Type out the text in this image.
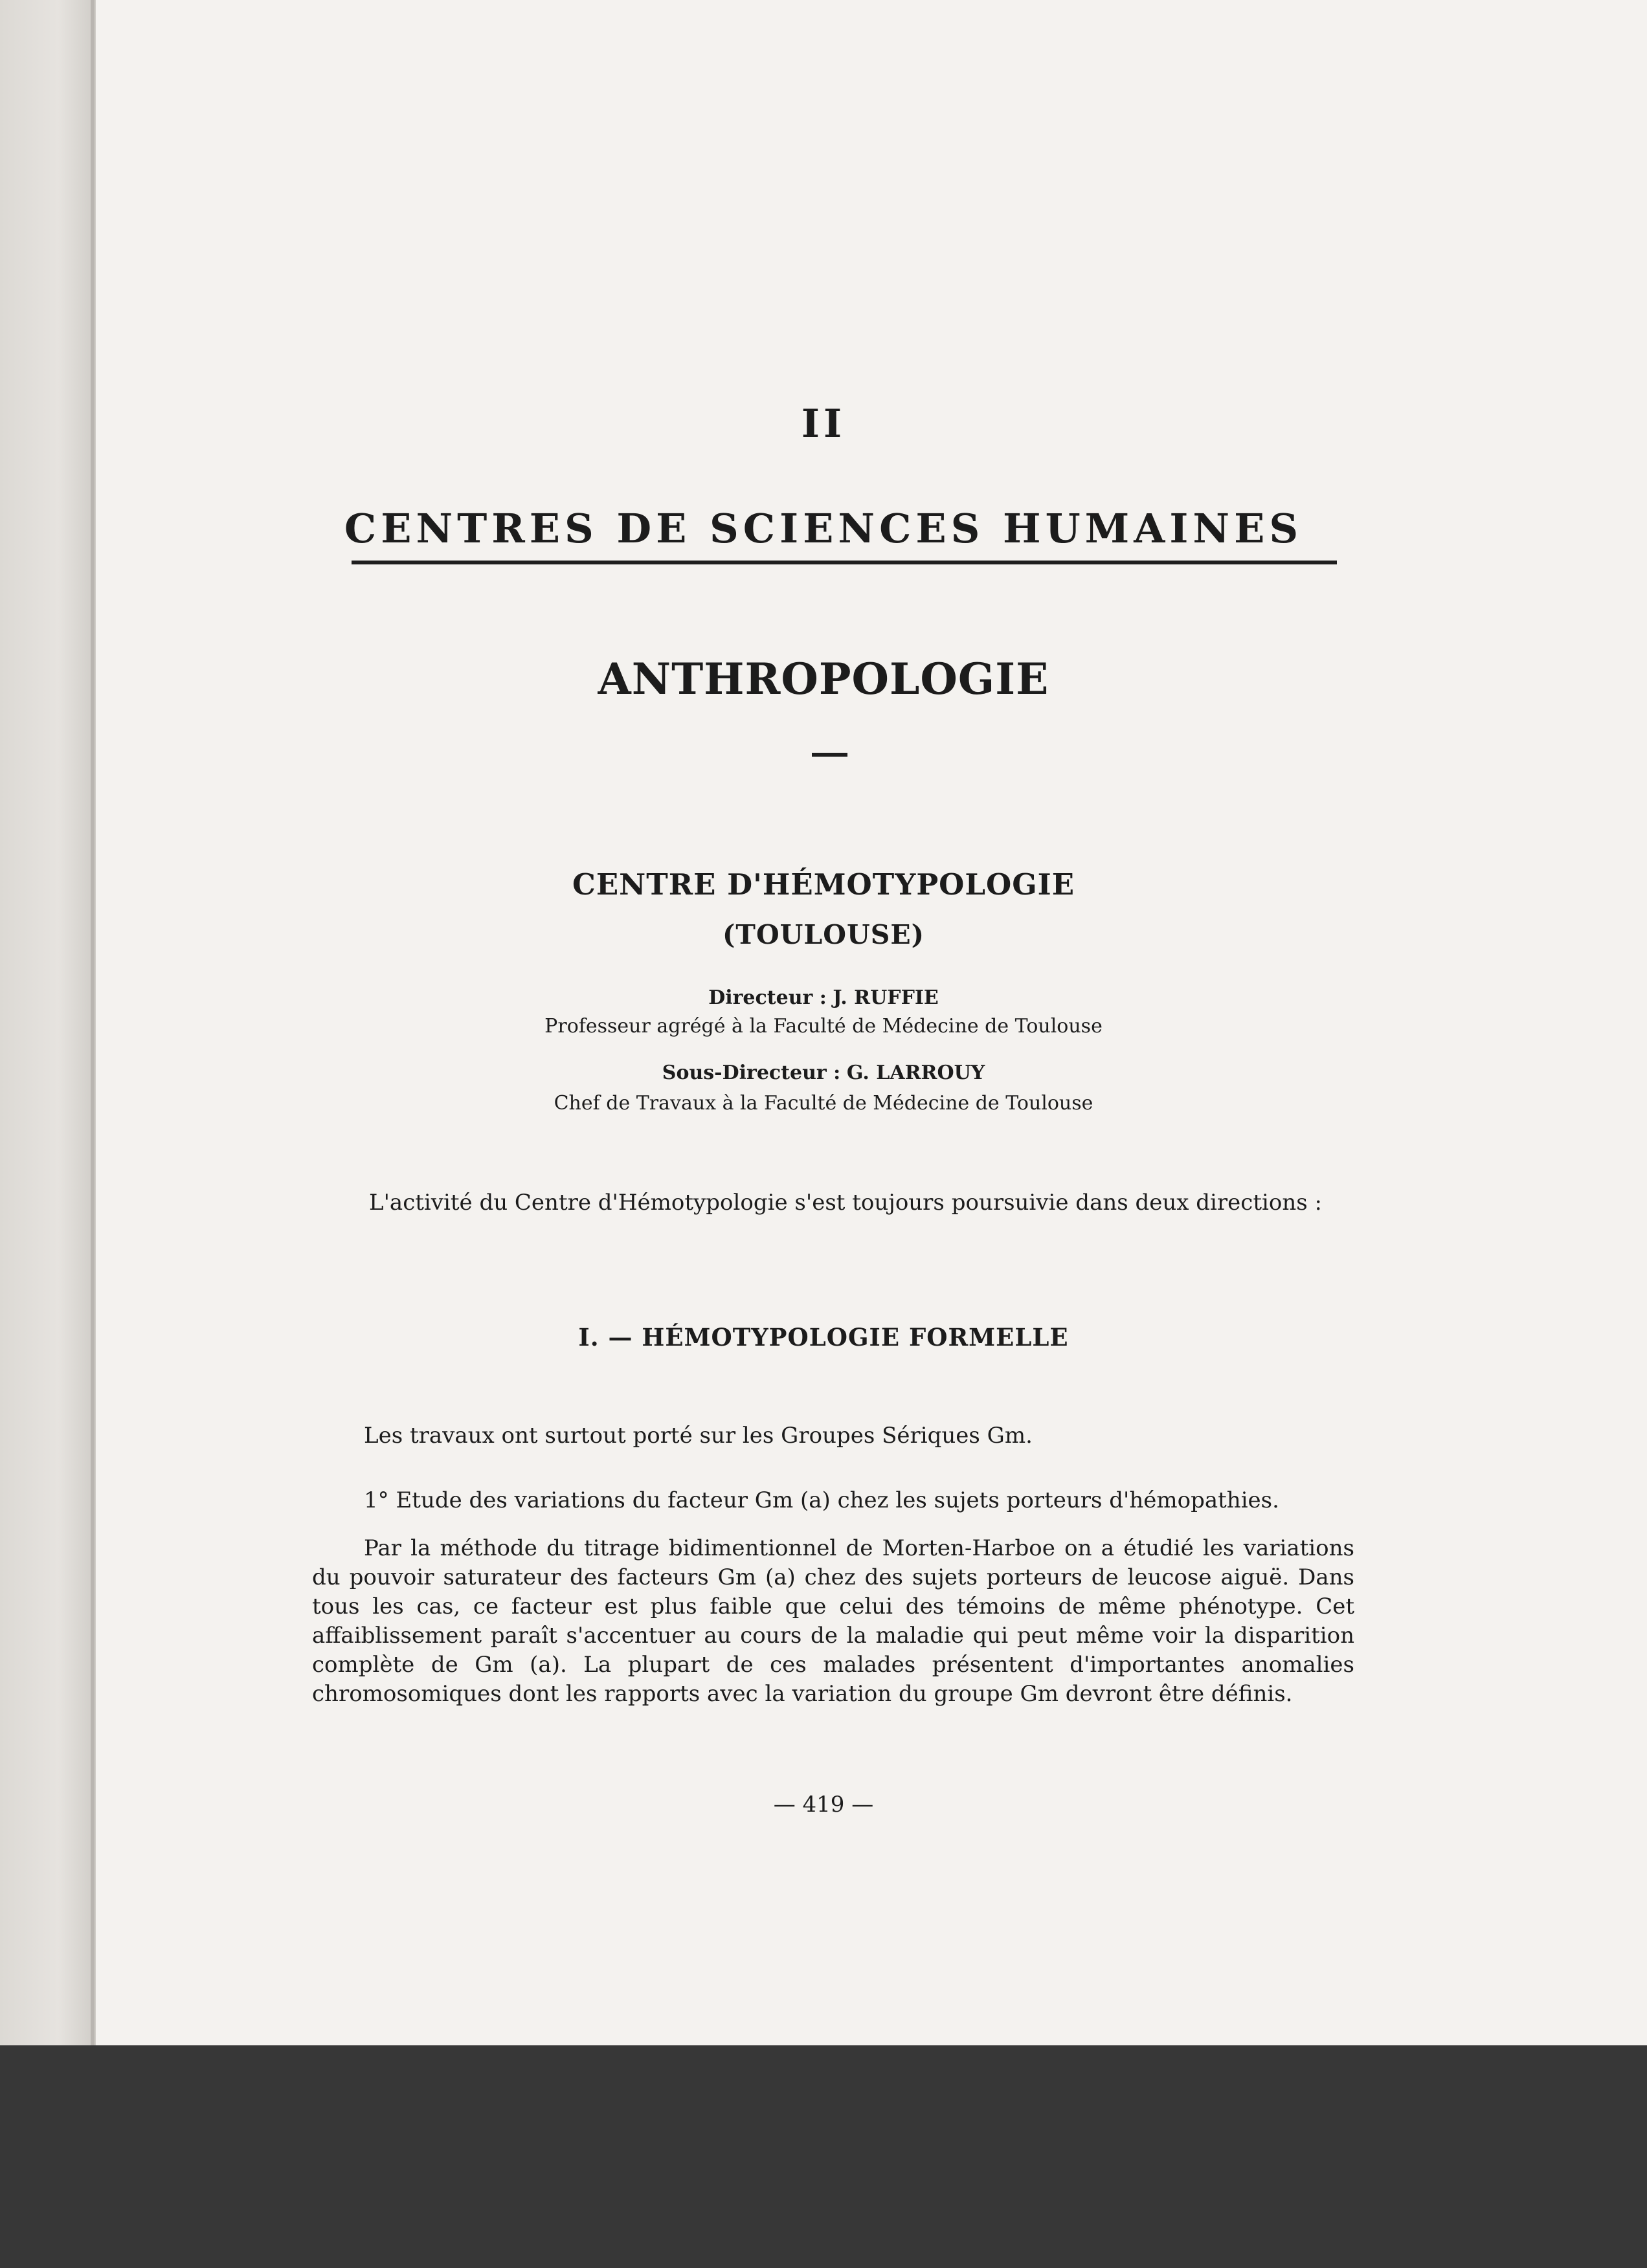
II
CENTRES DE SCIENCES HUMAINES
ANTHROPOLOGIE
CENTRE D'HÉMOTYPOLOGIE
(TOULOUSE)
Directeur : J. RUFFIE
Professeur agrégé à la Faculté de Médecine de Toulouse
Sous-Directeur : G. LARROUY
Chef de Travaux à la Faculté de Médecine de Toulouse
L'activité du Centre d'Hémotypologie s'est toujours poursuivie dans deux directions :
I. — HÉMOTYPOLOGIE FORMELLE
Les travaux ont surtout porté sur les Groupes Sériques Gm.
1° Etude des variations du facteur Gm (a) chez les sujets porteurs d'hémopathies.
Par la méthode du titrage bidimentionnel de Morten-Harboe on a étudié les variations du pouvoir saturateur des facteurs Gm (a) chez des sujets porteurs de leucose aiguë. Dans tous les cas, ce facteur est plus faible que celui des témoins de même phénotype. Cet affaiblissement paraît s'accentuer au cours de la maladie qui peut même voir la disparition complète de Gm (a). La plupart de ces malades présentent d'importantes anomalies chromosomiques dont les rapports avec la variation du groupe Gm devront être définis.
— 419 —
